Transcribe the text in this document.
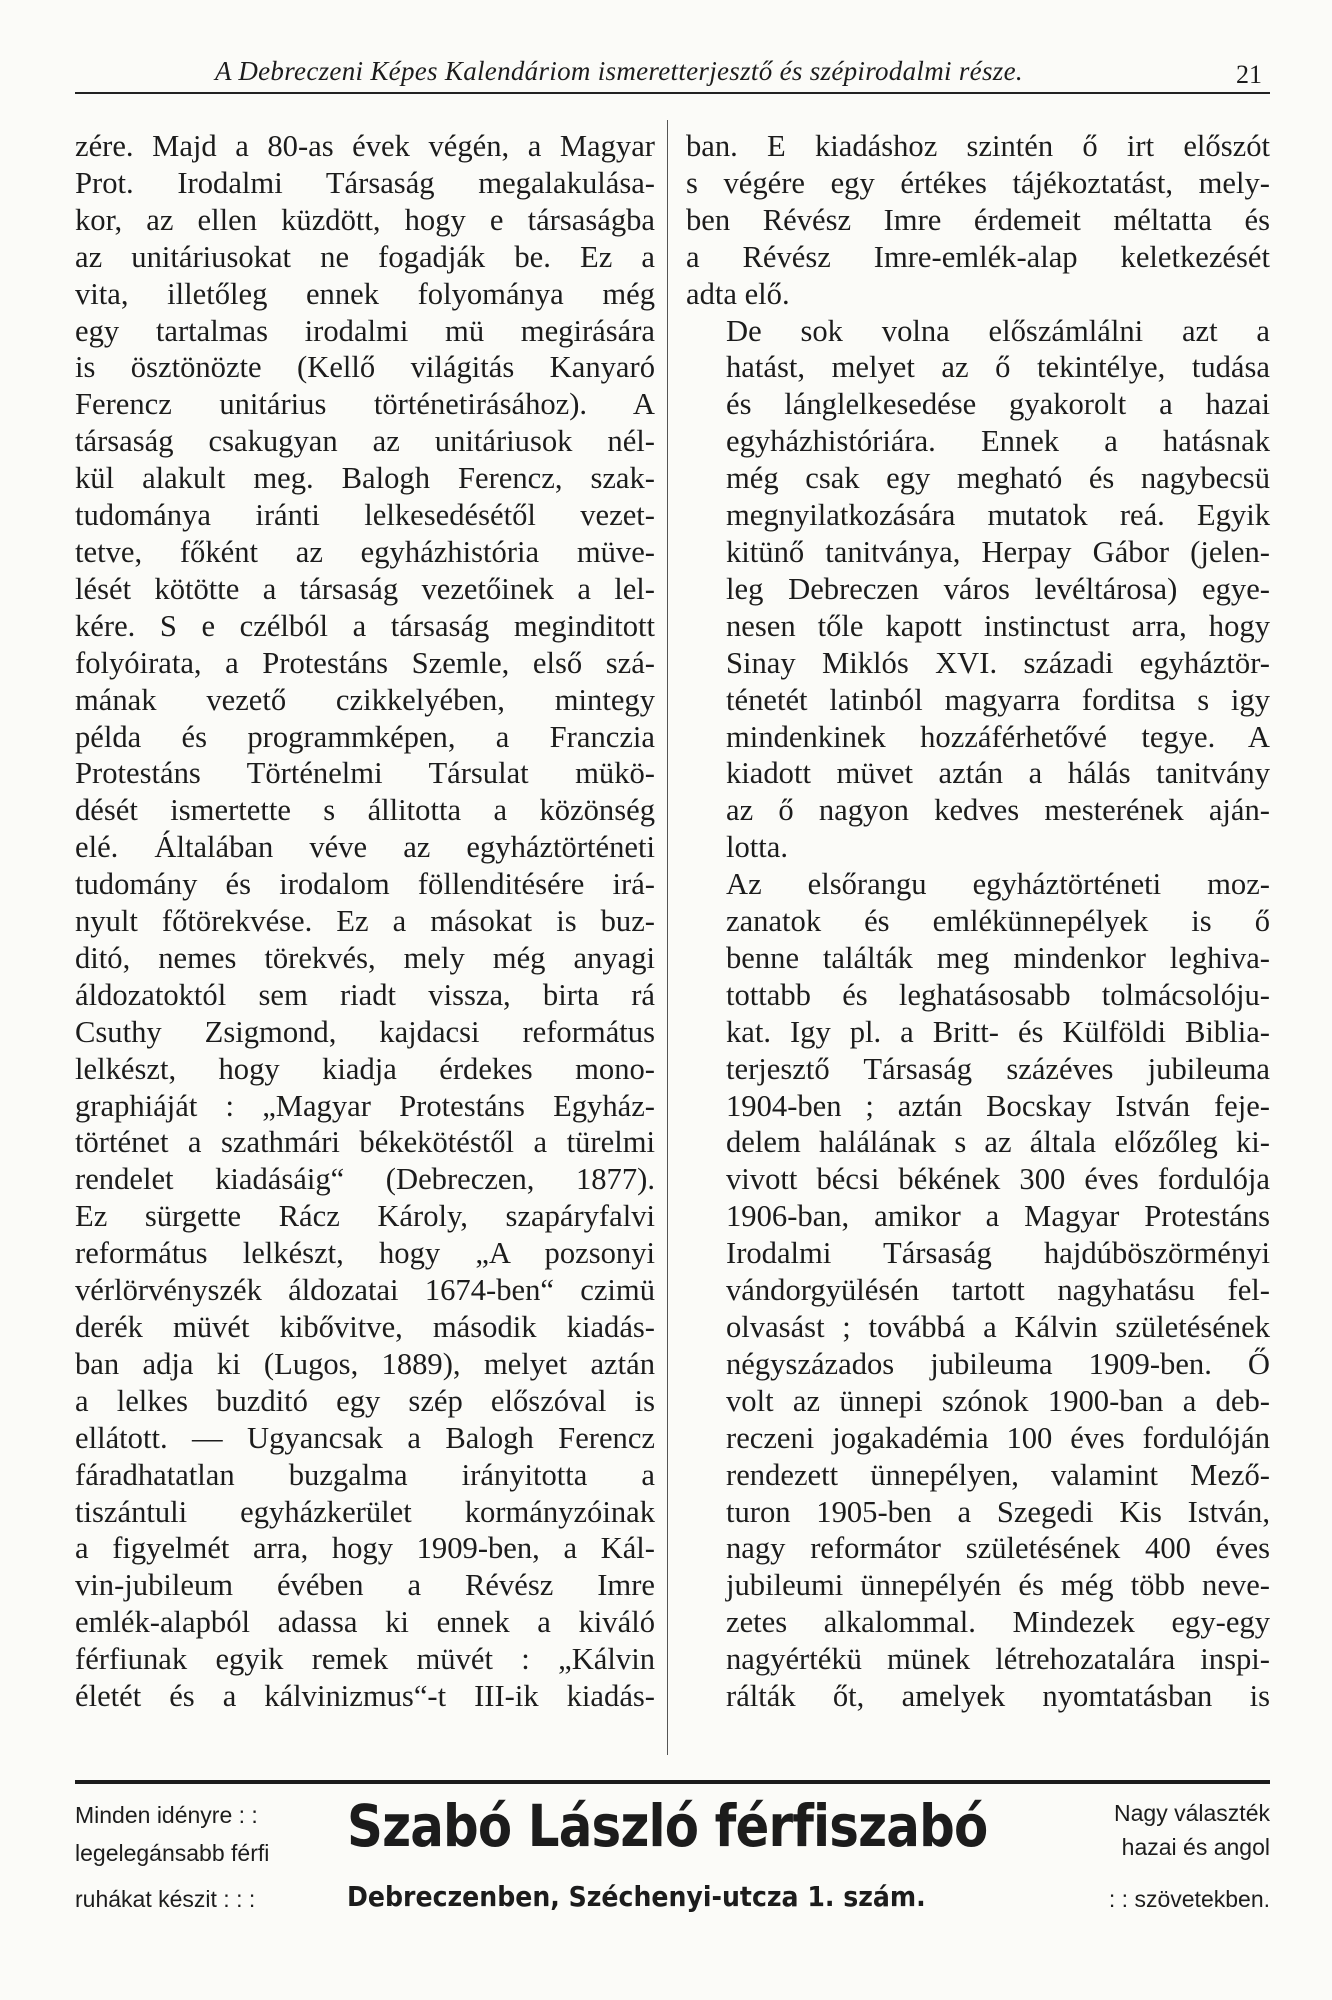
A Debreczeni Képes Kalendáriom ismeretterjesztő és szépirodalmi része.	21

zére. Majd a 80-as évek végén, a Magyar
Prot. Irodalmi Társaság megalakulása-
kor, az ellen küzdött, hogy e társaságba
az unitáriusokat ne fogadják be. Ez a
vita, illetőleg ennek folyománya még
egy tartalmas irodalmi mü megirására
is ösztönözte (Kellő világitás Kanyaró
Ferencz unitárius történetirásához). A
társaság csakugyan az unitáriusok nél-
kül alakult meg. Balogh Ferencz, szak-
tudománya iránti lelkesedésétől vezet-
tetve, főként az egyházhistória müve-
lését kötötte a társaság vezetőinek a lel-
kére. S e czélból a társaság meginditott
folyóirata, a Protestáns Szemle, első szá-
mának vezető czikkelyében, mintegy
példa és programmképen, a Franczia
Protestáns Történelmi Társulat mükö-
dését ismertette s állitotta a közönség
elé. Általában véve az egyháztörténeti
tudomány és irodalom föllenditésére irá-
nyult főtörekvése. Ez a másokat is buz-
ditó, nemes törekvés, mely még anyagi
áldozatoktól sem riadt vissza, birta rá
Csuthy Zsigmond, kajdacsi református
lelkészt, hogy kiadja érdekes mono-
graphiáját : „Magyar Protestáns Egyház-
történet a szathmári békekötéstől a türelmi
rendelet kiadásáig“ (Debreczen, 1877).
Ez sürgette Rácz Károly, szapáryfalvi
református lelkészt, hogy „A pozsonyi
vérlörvényszék áldozatai 1674-ben“ czimü
derék müvét kibővitve, második kiadás-
ban adja ki (Lugos, 1889), melyet aztán
a lelkes buzditó egy szép előszóval is
ellátott. — Ugyancsak a Balogh Ferencz
fáradhatatlan buzgalma irányitotta a
tiszántuli egyházkerület kormányzóinak
a figyelmét arra, hogy 1909-ben, a Kál-
vin-jubileum évében a Révész Imre
emlék-alapból adassa ki ennek a kiváló
férfiunak egyik remek müvét : „Kálvin
életét és a kálvinizmus“-t III-ik kiadás-

ban. E kiadáshoz szintén ő irt előszót
s végére egy értékes tájékoztatást, mely-
ben Révész Imre érdemeit méltatta és
a Révész Imre-emlék-alap keletkezését
adta elő.

De sok volna előszámlálni azt a
hatást, melyet az ő tekintélye, tudása
és lánglelkesedése gyakorolt a hazai
egyházhistóriára. Ennek a hatásnak
még csak egy megható és nagybecsü
megnyilatkozására mutatok reá. Egyik
kitünő tanitványa, Herpay Gábor (jelen-
leg Debreczen város levéltárosa) egye-
nesen tőle kapott instinctust arra, hogy
Sinay Miklós XVI. századi egyháztör-
ténetét latinból magyarra forditsa s igy
mindenkinek hozzáférhetővé tegye. A
kiadott müvet aztán a hálás tanitvány
az ő nagyon kedves mesterének aján-
lotta.

Az elsőrangu egyháztörténeti moz-
zanatok és emlékünnepélyek is ő
benne találták meg mindenkor leghiva-
tottabb és leghatásosabb tolmácsolóju-
kat. Igy pl. a Britt- és Külföldi Biblia-
terjesztő Társaság százéves jubileuma
1904-ben ; aztán Bocskay István feje-
delem halálának s az általa előzőleg ki-
vivott bécsi békének 300 éves fordulója
1906-ban, amikor a Magyar Protestáns
Irodalmi Társaság hajdúböszörményi
vándorgyülésén tartott nagyhatásu fel-
olvasást ; továbbá a Kálvin születésének
négyszázados jubileuma 1909-ben. Ő
volt az ünnepi szónok 1900-ban a deb-
reczeni jogakadémia 100 éves fordulóján
rendezett ünnepélyen, valamint Mező-
turon 1905-ben a Szegedi Kis István,
nagy reformátor születésének 400 éves
jubileumi ünnepélyén és még több neve-
zetes alkalommal. Mindezek egy-egy
nagyértékü münek létrehozatalára inspi-
rálták őt, amelyek nyomtatásban is

Minden idényre : :
legelegánsabb férfi	Szabó László férfiszabó	Nagy választék
hazai és angol
ruhákat készit : : :	Debreczenben, Széchenyi-utcza 1. szám.	: : szövetekben.
